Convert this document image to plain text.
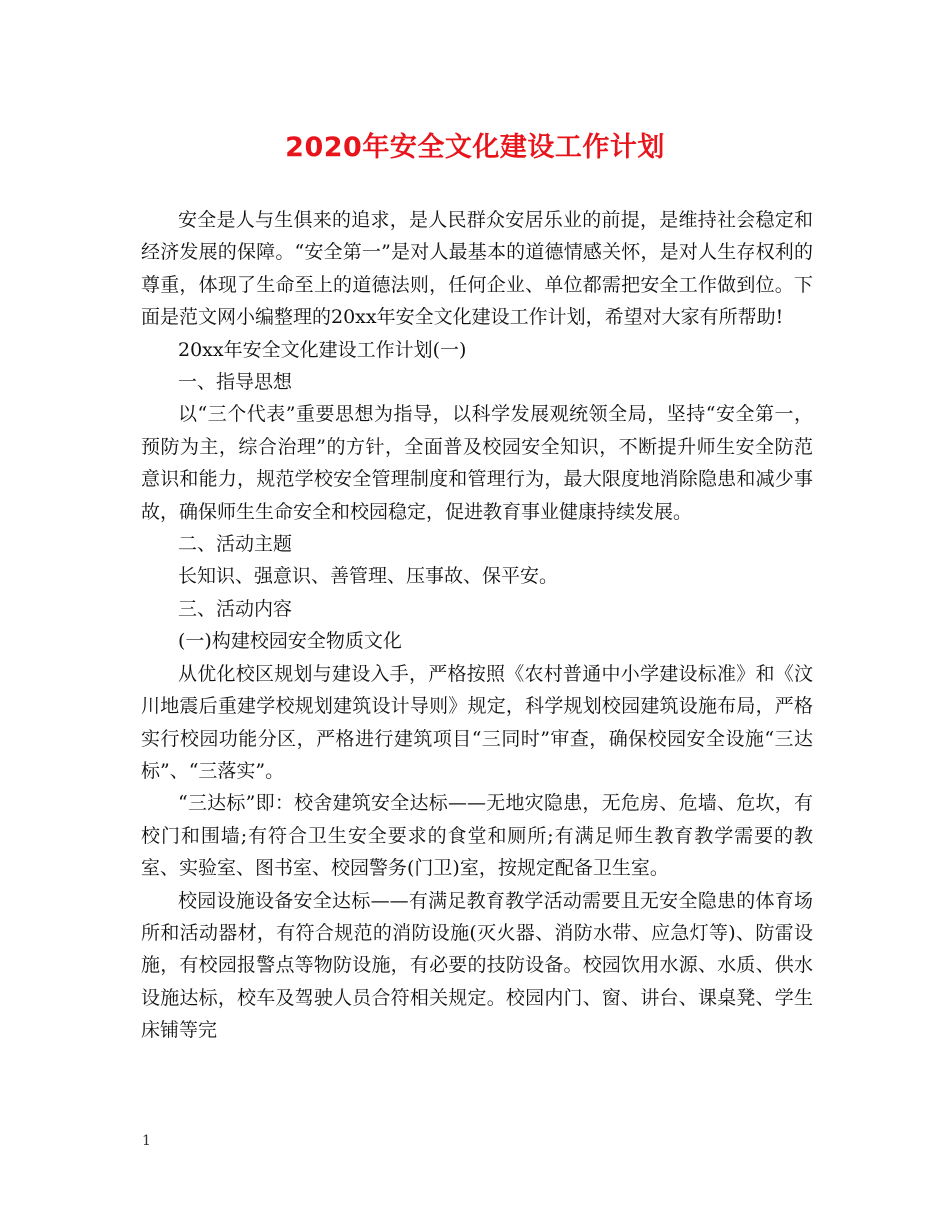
2020年安全文化建设工作计划

安全是人与生俱来的追求，是人民群众安居乐业的前提，是维持社会稳定和经济发展的保障。“安全第一”是对人最基本的道德情感关怀，是对人生存权利的尊重，体现了生命至上的道德法则，任何企业、单位都需把安全工作做到位。下面是范文网小编整理的20xx年安全文化建设工作计划，希望对大家有所帮助!

20xx年安全文化建设工作计划(一)

一、指导思想

以“三个代表”重要思想为指导，以科学发展观统领全局，坚持“安全第一，预防为主，综合治理”的方针，全面普及校园安全知识，不断提升师生安全防范意识和能力，规范学校安全管理制度和管理行为，最大限度地消除隐患和减少事故，确保师生生命安全和校园稳定，促进教育事业健康持续发展。

二、活动主题

长知识、强意识、善管理、压事故、保平安。

三、活动内容

(一)构建校园安全物质文化

从优化校区规划与建设入手，严格按照《农村普通中小学建设标准》和《汶川地震后重建学校规划建筑设计导则》规定，科学规划校园建筑设施布局，严格实行校园功能分区，严格进行建筑项目“三同时”审查，确保校园安全设施“三达标”、“三落实”。

“三达标”即：校舍建筑安全达标——无地灾隐患，无危房、危墙、危坎，有校门和围墙;有符合卫生安全要求的食堂和厕所;有满足师生教育教学需要的教室、实验室、图书室、校园警务(门卫)室，按规定配备卫生室。

校园设施设备安全达标——有满足教育教学活动需要且无安全隐患的体育场所和活动器材，有符合规范的消防设施(灭火器、消防水带、应急灯等)、防雷设施，有校园报警点等物防设施，有必要的技防设备。校园饮用水源、水质、供水设施达标，校车及驾驶人员合符相关规定。校园内门、窗、讲台、课桌凳、学生床铺等完

1
